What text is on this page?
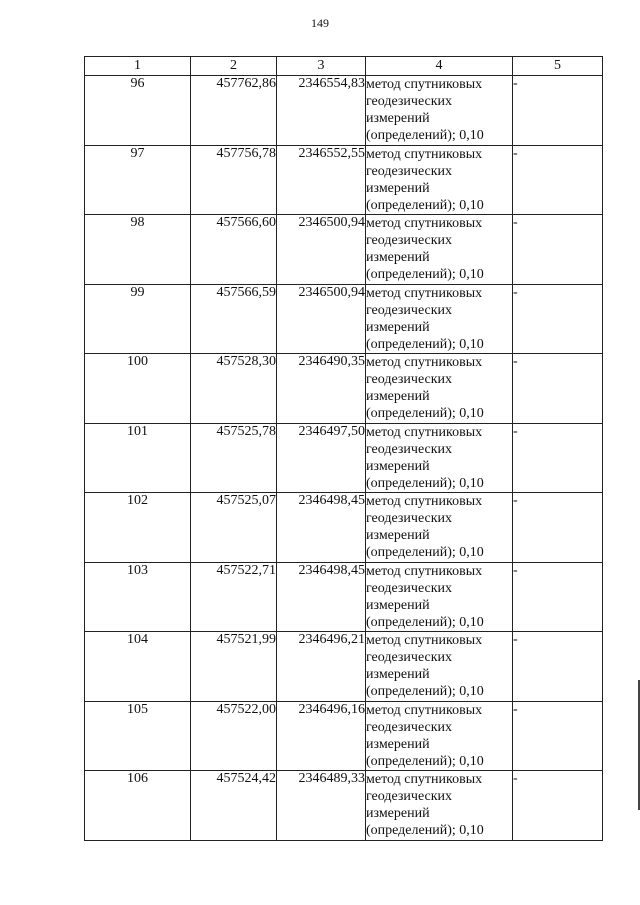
149
1	2	3	4	5
96	457762,86	2346554,83	метод спутниковых
геодезических
измерений
(определений); 0,10	-
97	457756,78	2346552,55	метод спутниковых
геодезических
измерений
(определений); 0,10	-
98	457566,60	2346500,94	метод спутниковых
геодезических
измерений
(определений); 0,10	-
99	457566,59	2346500,94	метод спутниковых
геодезических
измерений
(определений); 0,10	-
100	457528,30	2346490,35	метод спутниковых
геодезических
измерений
(определений); 0,10	-
101	457525,78	2346497,50	метод спутниковых
геодезических
измерений
(определений); 0,10	-
102	457525,07	2346498,45	метод спутниковых
геодезических
измерений
(определений); 0,10	-
103	457522,71	2346498,45	метод спутниковых
геодезических
измерений
(определений); 0,10	-
104	457521,99	2346496,21	метод спутниковых
геодезических
измерений
(определений); 0,10	-
105	457522,00	2346496,16	метод спутниковых
геодезических
измерений
(определений); 0,10	-
106	457524,42	2346489,33	метод спутниковых
геодезических
измерений
(определений); 0,10	-
